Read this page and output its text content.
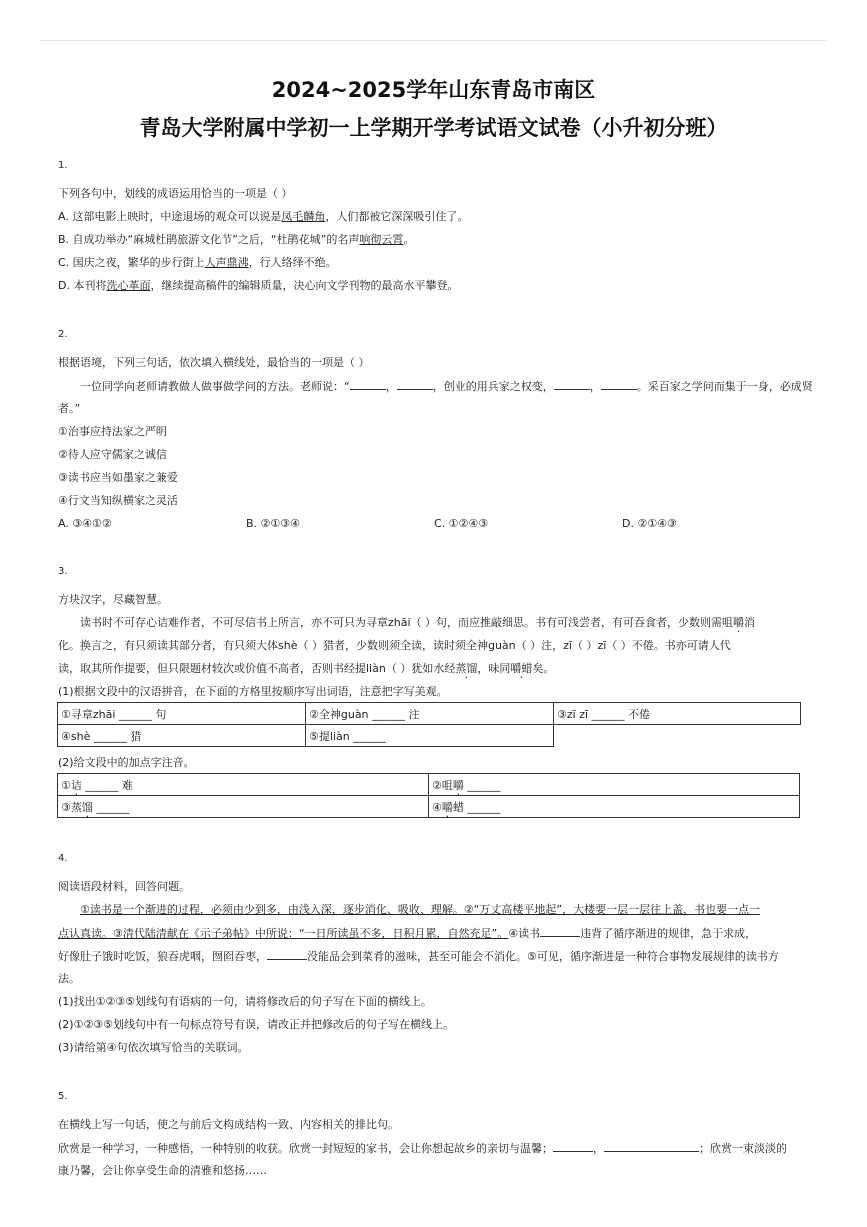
2024~2025学年山东青岛市南区
青岛大学附属中学初一上学期开学考试语文试卷（小升初分班）
1.
下列各句中，划线的成语运用恰当的一项是（ ）
A. 这部电影上映时，中途退场的观众可以说是凤毛麟角，人们都被它深深吸引住了。
B. 自成功举办“麻城杜鹃旅游文化节”之后，“杜鹃花城”的名声响彻云霄。
C. 国庆之夜，繁华的步行街上人声鼎沸，行人络绎不绝。
D. 本刊将洗心革面，继续提高稿件的编辑质量，决心向文学刊物的最高水平攀登。
2.
根据语境，下列三句话，依次填入横线处，最恰当的一项是（ ）
一位同学向老师请教做人做事做学问的方法。老师说：“	，	，创业的用兵家之权变，	，	。采百家之学问而集于一身，必成贤
者。”
①治事应持法家之严明
②待人应守儒家之诚信
③读书应当如墨家之兼爱
④行文当知纵横家之灵活
A. ③④①②	B. ②①③④	C. ①②④③	D. ②①④③
3.
方块汉字，尽藏智慧。
读书时不可存心诘难作者，不可尽信书上所言，亦不可只为寻章zhāi（ ）句，而应推敲细思。书有可浅尝者，有可吞食者，少数则需咀嚼消
化。换言之，有只须读其部分者，有只须大体shè（ ）猎者，少数则须全读，读时须全神guàn（ ）注，zī（ ）zī（ ）不倦。书亦可请人代
读，取其所作提要，但只限题材较次或价值不高者，否则书经提liàn（ ）犹如水经蒸馏，味同嚼蜡矣。
(1)根据文段中的汉语拼音，在下面的方格里按顺序写出词语，注意把字写美观。
①寻章zhāi ______ 句	②全神guàn ______ 注	③zī zī ______ 不倦
④shè ______ 猎	⑤提liàn ______	
(2)给文段中的加点字注音。
①诘 ______ 难	②咀嚼 ______
③蒸馏 ______	④嚼蜡 ______
4.
阅读语段材料，回答问题。
①读书是一个渐进的过程，必须由少到多，由浅入深，逐步消化、吸收、理解。②“万丈高楼平地起”，大楼要一层一层往上盖，书也要一点一
点认真读。③清代陆清献在《示子弟帖》中所说：“一日所读虽不多，日积月累，自然充足”。④读书	违背了循序渐进的规律，急于求成，
好像肚子饿时吃饭，狼吞虎咽，囫囵吞枣，	没能品会到菜肴的滋味，甚至可能会不消化。⑤可见，循序渐进是一种符合事物发展规律的读书方
法。
(1)找出①②③⑤划线句有语病的一句，请将修改后的句子写在下面的横线上。
(2)①②③⑤划线句中有一句标点符号有误，请改正并把修改后的句子写在横线上。
(3)请给第④句依次填写恰当的关联词。
5.
在横线上写一句话，使之与前后文构成结构一致、内容相关的排比句。
欣赏是一种学习，一种感悟，一种特别的收获。欣赏一封短短的家书，会让你想起故乡的亲切与温馨；	，	；欣赏一束淡淡的
康乃馨，会让你享受生命的清雅和悠扬……
